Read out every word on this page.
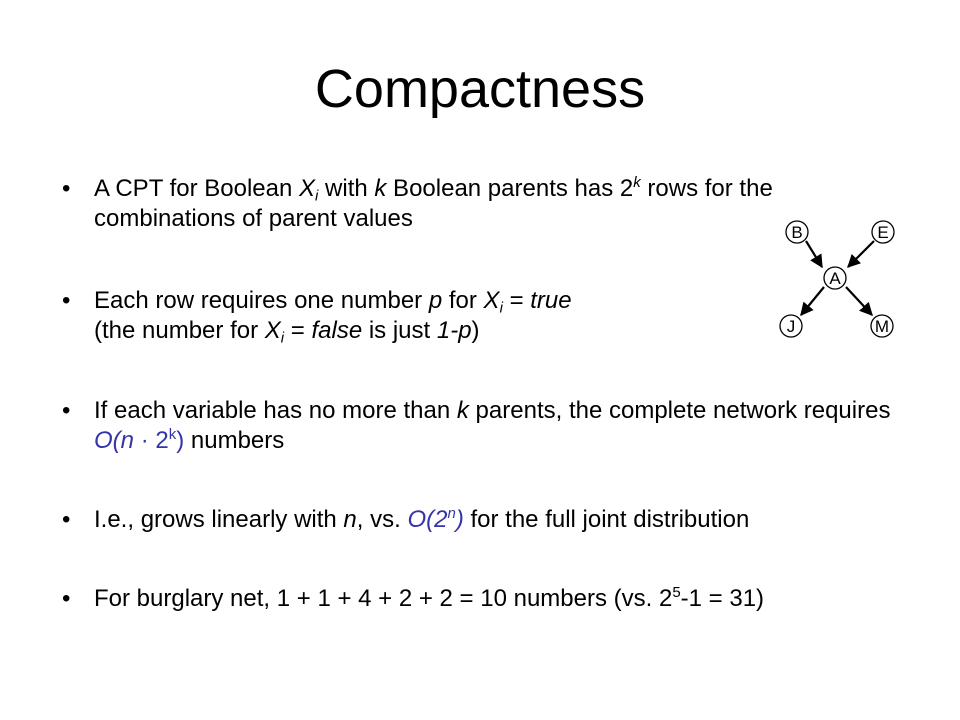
Compactness
• A CPT for Boolean $X_i$ with k Boolean parents has 2$^k$ rows for the combinations of parent values
• Each row requires one number p for $X_i$ = true
(the number for $X_i$ = false is just 1-p)
• If each variable has no more than k parents, the complete network requires $O(n \cdot 2^k)$ numbers
• I.e., grows linearly with n, vs. O(2$^n$) for the full joint distribution
• For burglary net, 1 + 1 + 4 + 2 + 2 = 10 numbers (vs. $2^5-1 = 31$)
B	E
A
J	M
